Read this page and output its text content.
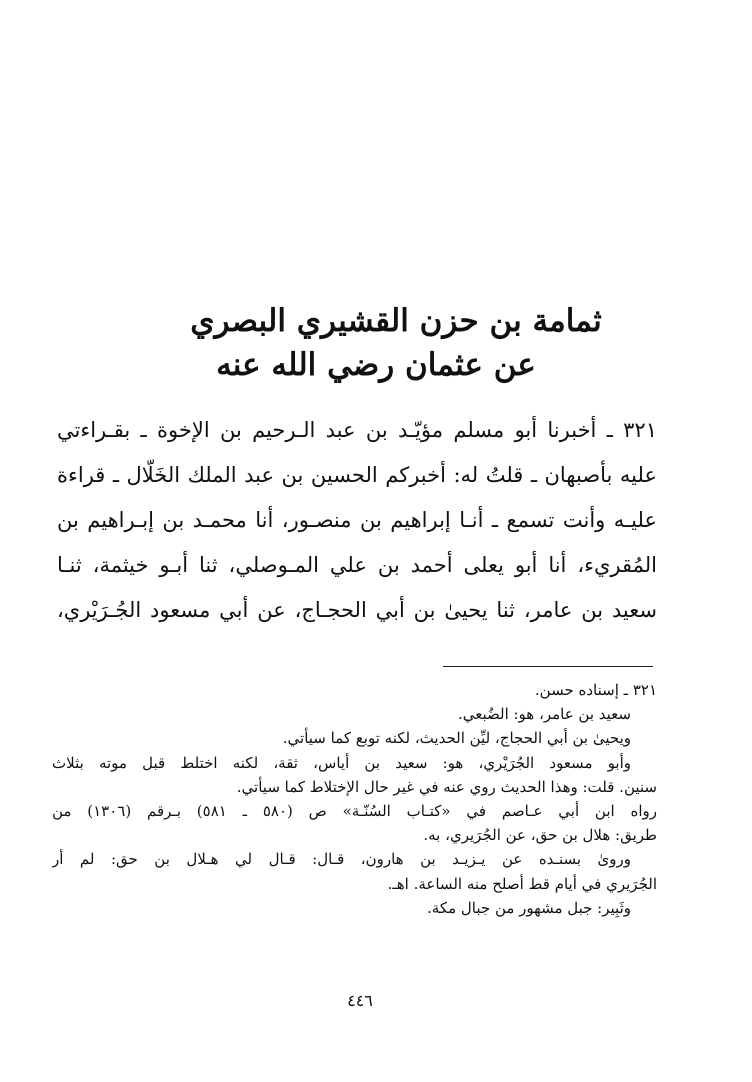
ثمامة بن حزن القشيري البصري
عن عثمان رضي الله عنه
٣٢١ ـ أخبرنا أبو مسلم مؤيّـد بن عبد الـرحيم بن الإخوة ـ بقـراءتي
عليه بأصبهان ـ قلتُ له: أخبركم الحسين بن عبد الملك الخَلّال ـ قراءة
عليـه وأنت تسمع ـ أنـا إبراهيم بن منصـور، أنا محمـد بن إبـراهيم بن
المُقريء، أنا أبو يعلى أحمد بن علي المـوصلي، ثنا أبـو خيثمة، ثنـا
سعيد بن عامر، ثنا يحيىٰ بن أبي الحجـاج، عن أبي مسعود الجُـرَيْري،
٣٢١ ـ إسناده حسن.
سعيد بن عامر، هو: الضُبعي.
ويحيىٰ بن أبي الحجاج، ليِّن الحديث، لكنه توبع كما سيأتي.
وأبو مسعود الجُرَيْري، هو: سعيد بن أياس، ثقة، لكنه اختلط قبل موته بثلاث
سنين. قلت: وهذا الحديث روي عنه في غير حال الإختلاط كما سيأتي.
رواه ابن أبي عـاصم في «كتـاب السُنّـة» ص (٥٨٠ ـ ٥٨١) بـرقم (١٣٠٦) من
طريق: هلال بن حق، عن الجُرَيري، به.
وروىٰ بسنـده عن يـزيـد بن هارون، قـال: قـال لي هـلال بن حق: لم أر
الجُرَيري في أيام قط أصلح منه الساعة. اهـ.
وثَبِير: جبل مشهور من جبال مكة.
٤٤٦
